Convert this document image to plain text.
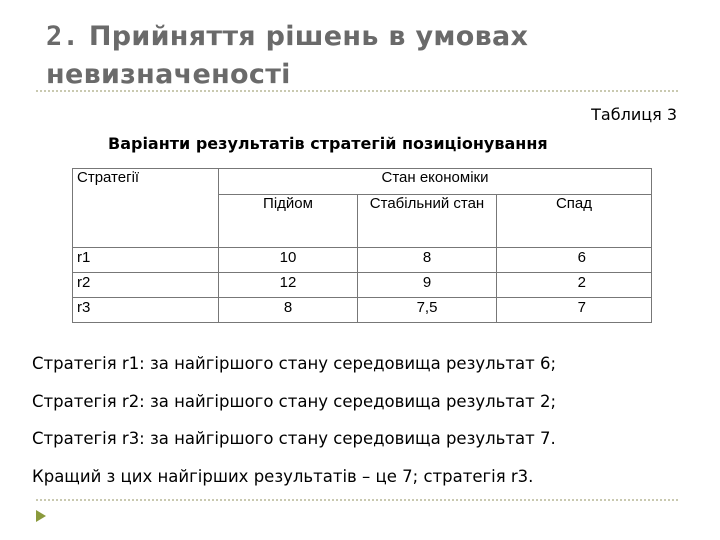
2. Прийняття рішень в умовах невизначеності
Таблиця 3
Варіанти результатів стратегій позиціонування
Стратегії	Стан економіки		
	Підйом	Стабільний стан	Спад
r1	10	8	6
r2	12	9	2
r3	8	7,5	7
Стратегія r1: за найгіршого стану середовища результат 6;
Стратегія r2: за найгіршого стану середовища результат 2;
Стратегія r3: за найгіршого стану середовища результат 7.
Кращий з цих найгірших результатів – це 7; стратегія r3.
